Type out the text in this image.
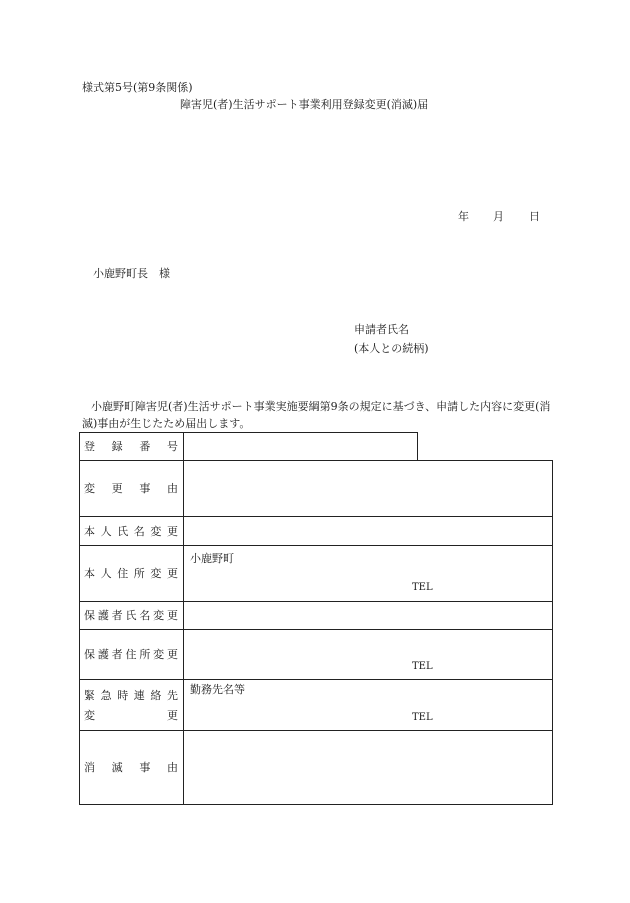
様式第5号(第9条関係)
障害児(者)生活サポート事業利用登録変更(消滅)届
年 月 日
小鹿野町長　様
申請者氏名
(本人との続柄)
小鹿野町障害児(者)生活サポート事業実施要綱第9条の規定に基づき、申請した内容に変更(消滅)事由が生じたため届出します。
登録番号
変更事由
本人氏名変更
本人住所変更
保護者氏名変更
保護者住所変更
緊急時連絡先
変更
消滅事由
小鹿野町
TEL
TEL
勤務先名等
TEL
